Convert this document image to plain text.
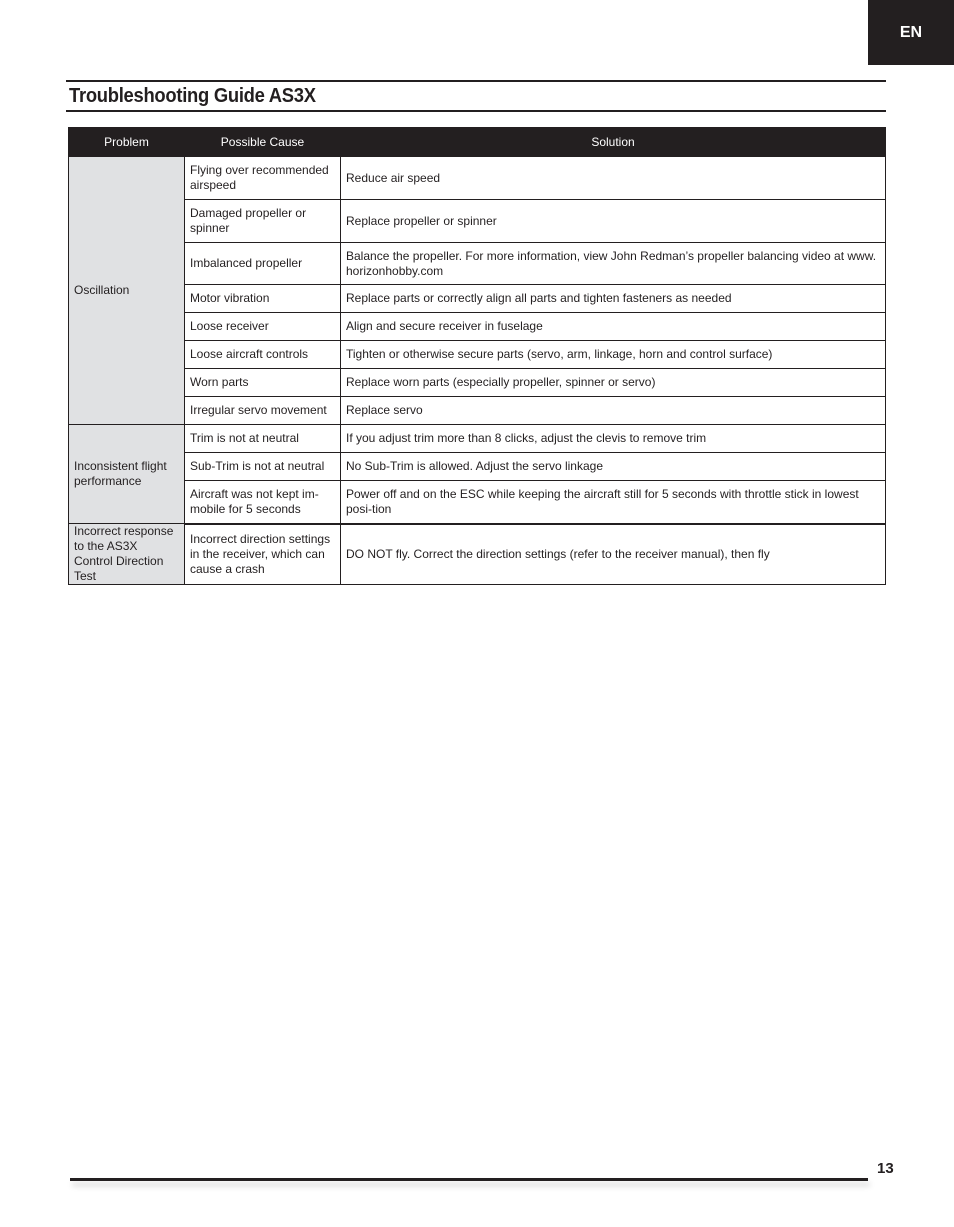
EN
Troubleshooting Guide AS3X
Problem	Possible Cause	Solution
Oscillation	Flying over recommended airspeed	Reduce air speed
	Damaged propeller or spinner	Replace propeller or spinner
	Imbalanced propeller	Balance the propeller. For more information, view John Redman’s propeller balancing video at www. horizonhobby.com
	Motor vibration	Replace parts or correctly align all parts and tighten fasteners as needed
	Loose receiver	Align and secure receiver in fuselage
	Loose aircraft controls	Tighten or otherwise secure parts (servo, arm, linkage, horn and control surface)
	Worn parts	Replace worn parts (especially propeller, spinner or servo)
	Irregular servo movement	Replace servo
Inconsistent flight performance	Trim is not at neutral	If you adjust trim more than 8 clicks, adjust the clevis to remove trim
	Sub-Trim is not at neutral	No Sub-Trim is allowed. Adjust the servo linkage
	Aircraft was not kept im-mobile for 5 seconds	Power off and on the ESC while keeping the aircraft still for 5 seconds with throttle stick in lowest posi-tion
Incorrect response to the AS3X Control Direction Test	Incorrect direction settings in the receiver, which can cause a crash	DO NOT fly. Correct the direction settings (refer to the receiver manual), then fly
13
